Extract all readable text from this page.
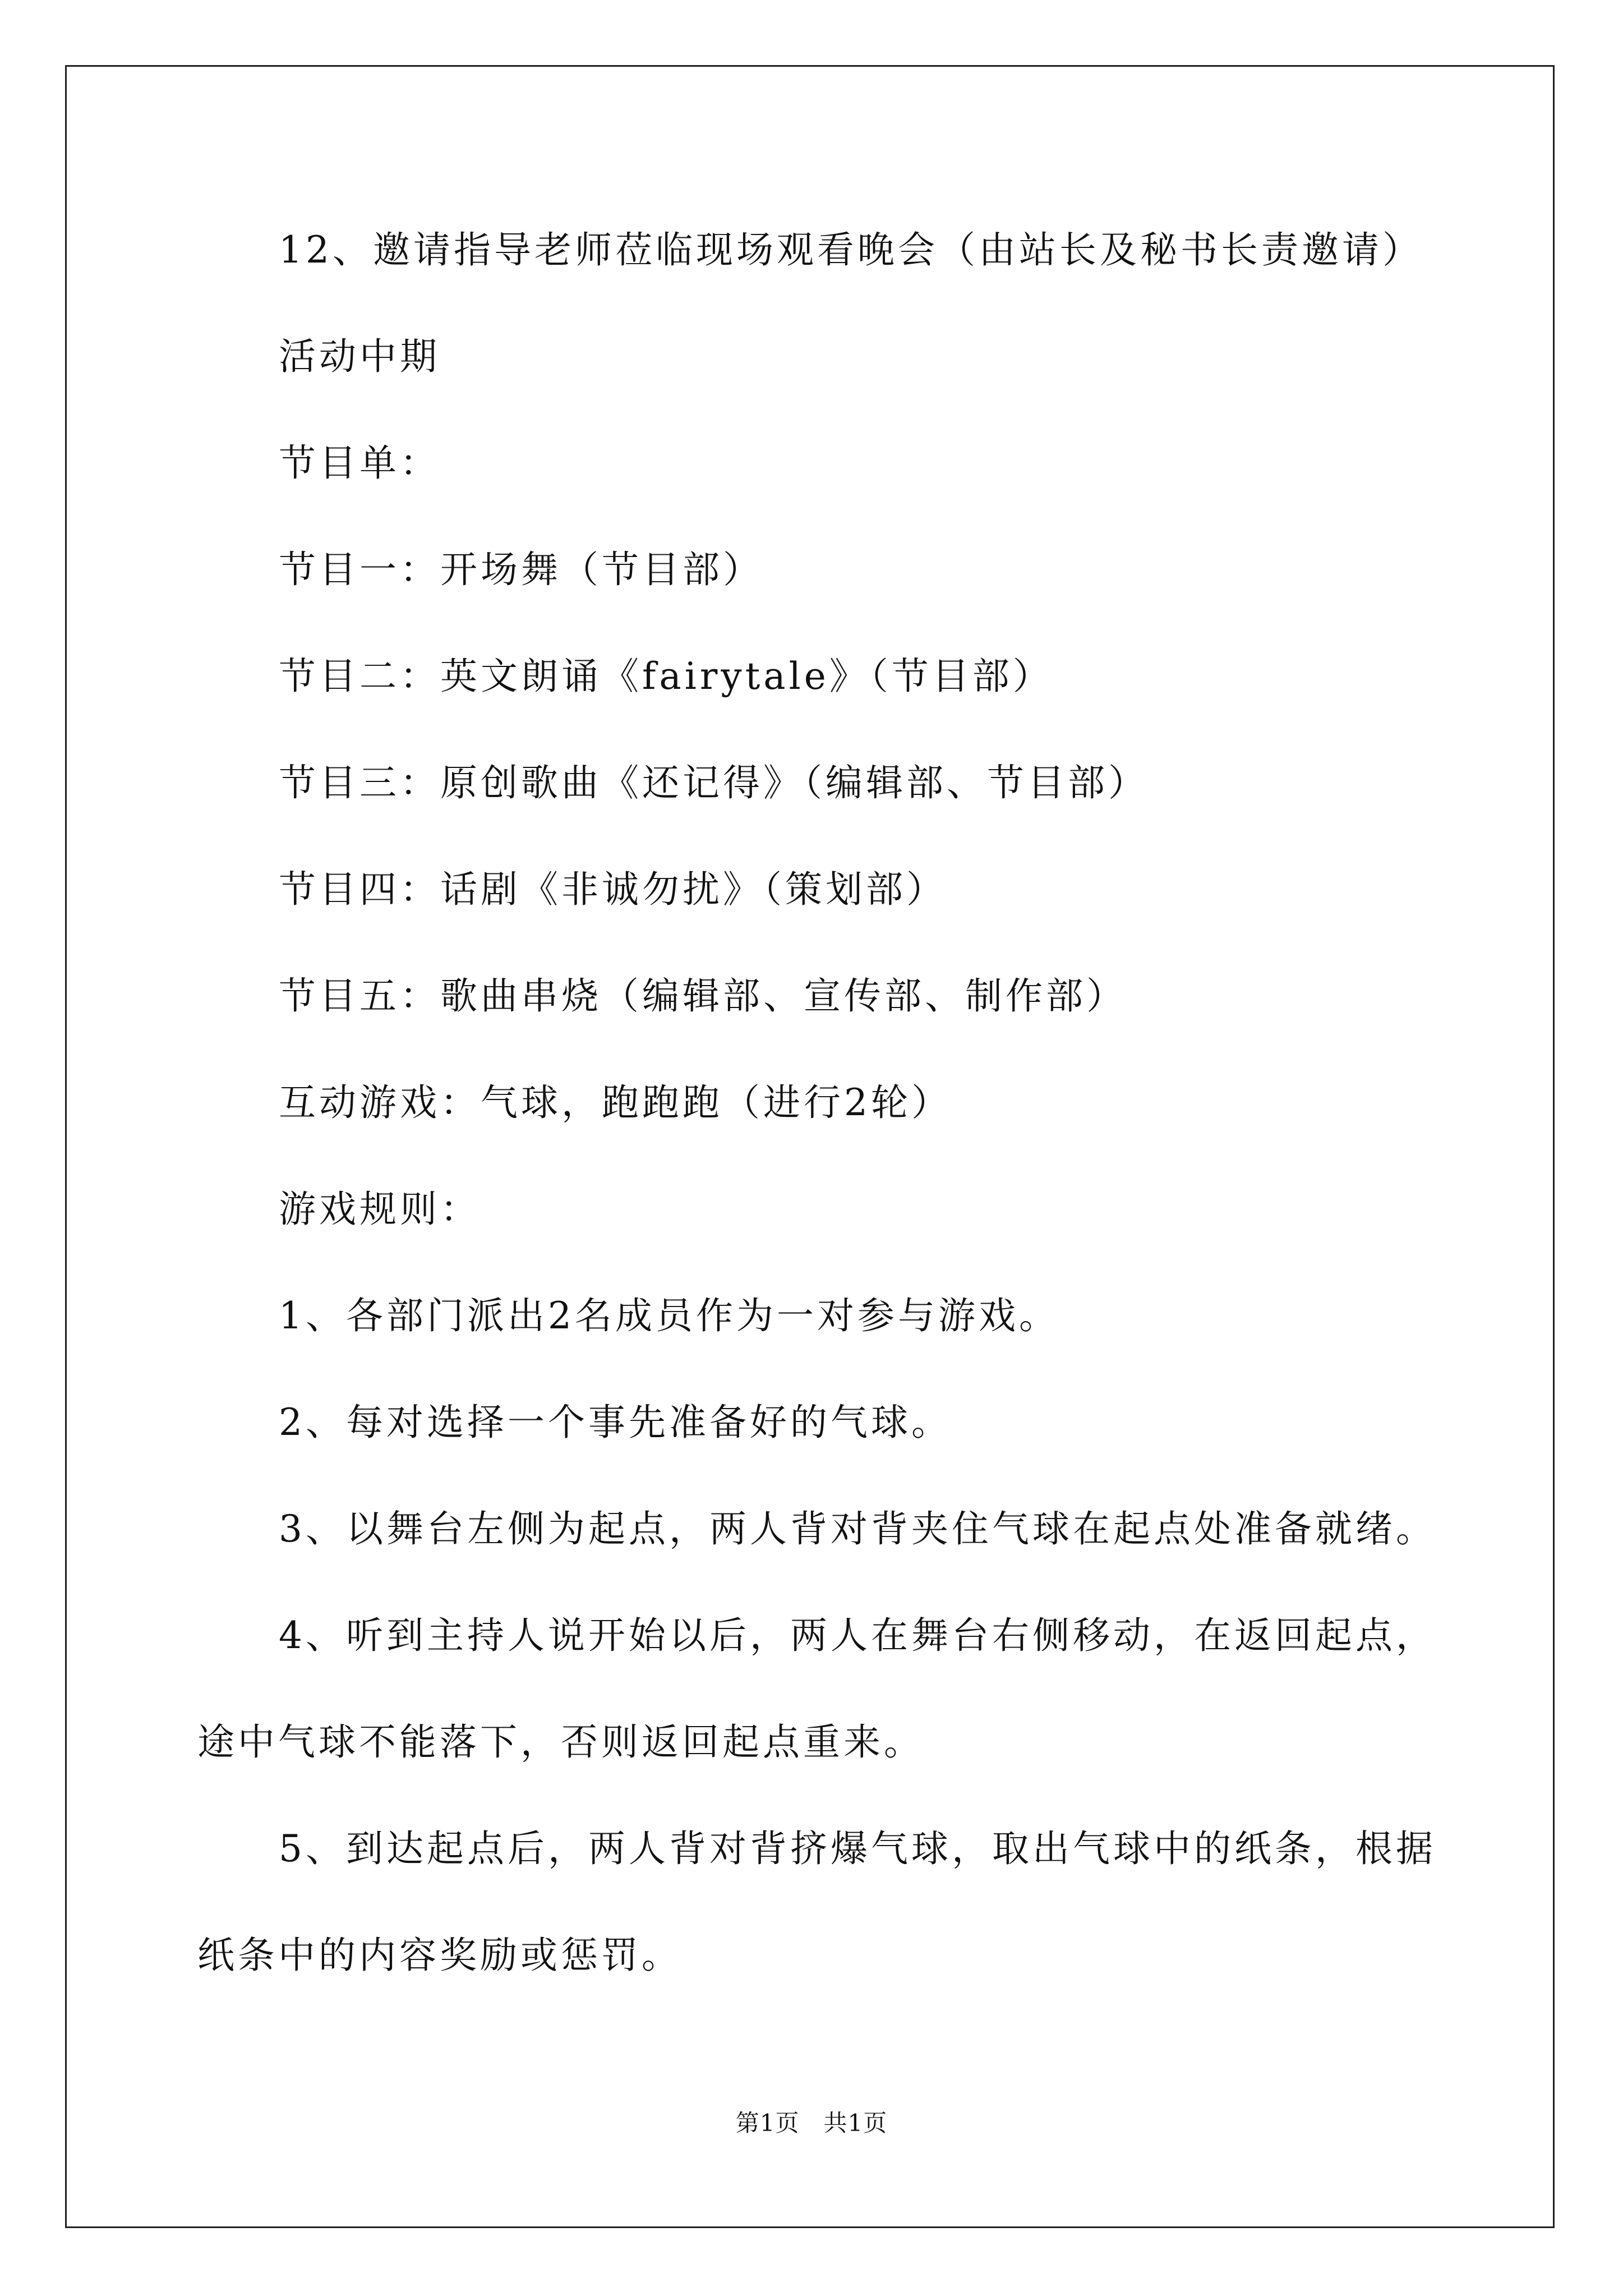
12、邀请指导老师莅临现场观看晚会（由站长及秘书长责邀请）

活动中期

节目单：

节目一：开场舞（节目部）

节目二：英文朗诵《fairytale》（节目部）

节目三：原创歌曲《还记得》（编辑部、节目部）

节目四：话剧《非诚勿扰》（策划部）

节目五：歌曲串烧（编辑部、宣传部、制作部）

互动游戏：气球，跑跑跑（进行2轮）

游戏规则：

1、各部门派出2名成员作为一对参与游戏。

2、每对选择一个事先准备好的气球。

3、以舞台左侧为起点，两人背对背夹住气球在起点处准备就绪。

4、听到主持人说开始以后，两人在舞台右侧移动，在返回起点，

途中气球不能落下，否则返回起点重来。

5、到达起点后，两人背对背挤爆气球，取出气球中的纸条，根据

纸条中的内容奖励或惩罚。

第1页　共1页
